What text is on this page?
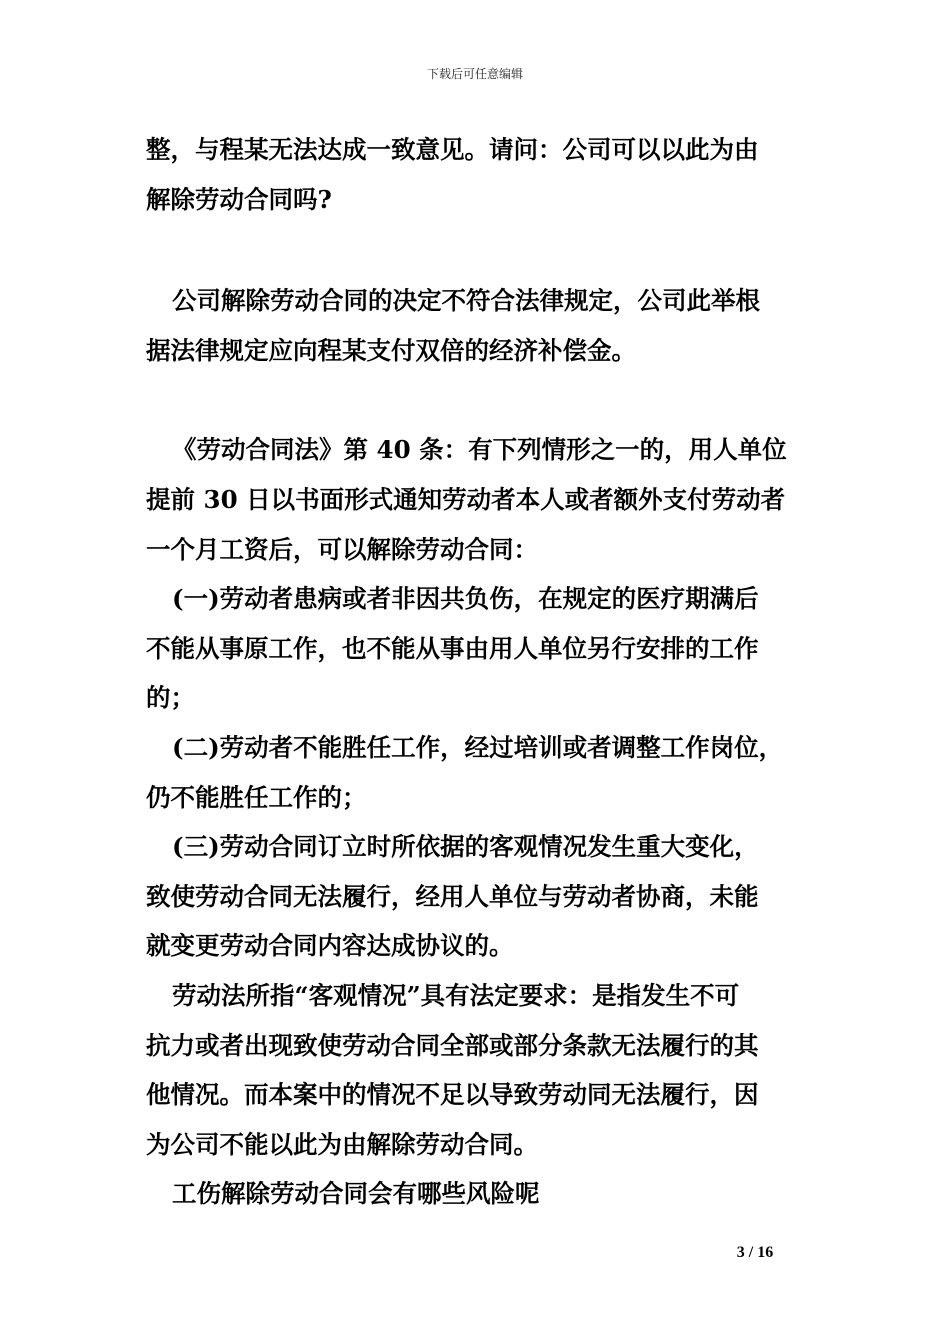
下载后可任意编辑
整，与程某无法达成一致意见。请问：公司可以以此为由
解除劳动合同吗?
公司解除劳动合同的决定不符合法律规定，公司此举根
据法律规定应向程某支付双倍的经济补偿金。
《劳动合同法》第 40 条：有下列情形之一的，用人单位
提前 30 日以书面形式通知劳动者本人或者额外支付劳动者
一个月工资后，可以解除劳动合同：
(一)劳动者患病或者非因共负伤，在规定的医疗期满后
不能从事原工作，也不能从事由用人单位另行安排的工作
的；
(二)劳动者不能胜任工作，经过培训或者调整工作岗位，
仍不能胜任工作的；
(三)劳动合同订立时所依据的客观情况发生重大变化，
致使劳动合同无法履行，经用人单位与劳动者协商，未能
就变更劳动合同内容达成协议的。
劳动法所指“客观情况”具有法定要求：是指发生不可
抗力或者出现致使劳动合同全部或部分条款无法履行的其
他情况。而本案中的情况不足以导致劳动同无法履行，因
为公司不能以此为由解除劳动合同。
工伤解除劳动合同会有哪些风险呢
3 / 16
